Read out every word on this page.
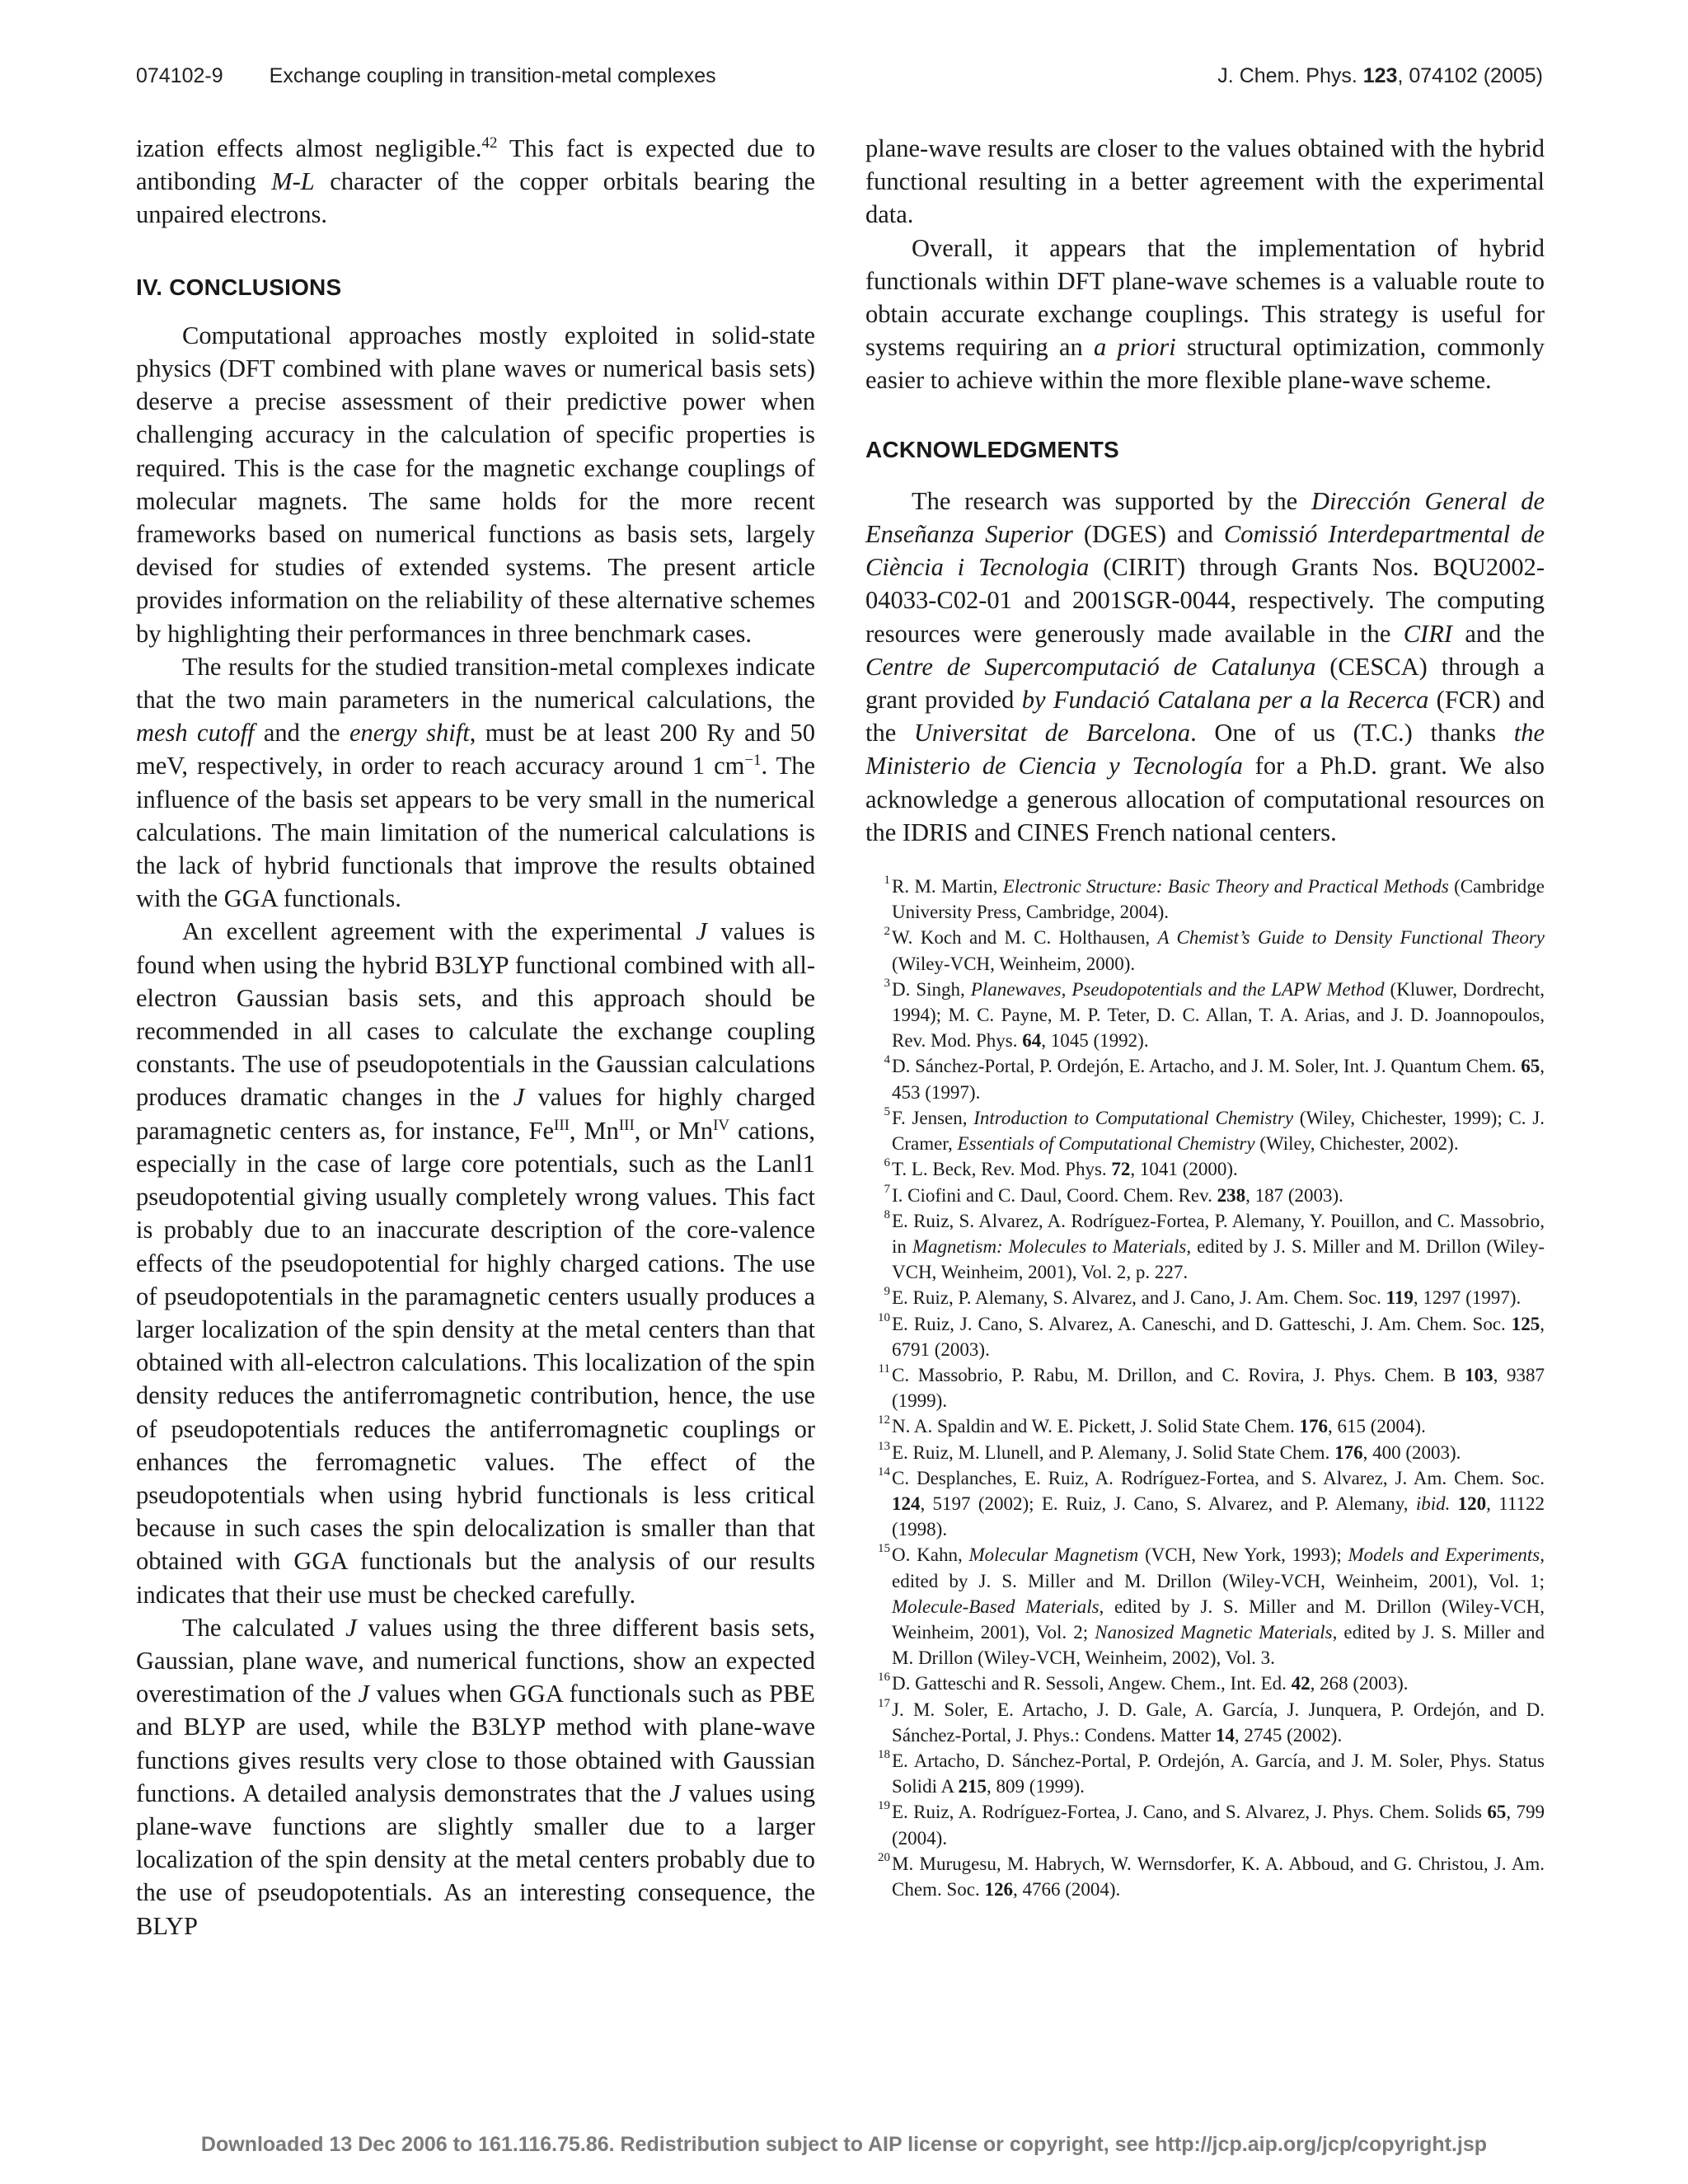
074102-9 Exchange coupling in transition-metal complexes	J. Chem. Phys. 123, 074102 (2005)

ization effects almost negligible.$^{42}$ This fact is expected due to antibonding M-L character of the copper orbitals bearing the unpaired electrons.

IV. CONCLUSIONS

Computational approaches mostly exploited in solid-state physics (DFT combined with plane waves or numerical basis sets) deserve a precise assessment of their predictive power when challenging accuracy in the calculation of specific properties is required. This is the case for the magnetic exchange couplings of molecular magnets. The same holds for the more recent frameworks based on numerical functions as basis sets, largely devised for studies of extended systems. The present article provides information on the reliability of these alternative schemes by highlighting their performances in three benchmark cases.

The results for the studied transition-metal complexes indicate that the two main parameters in the numerical calculations, the mesh cutoff and the energy shift, must be at least 200 Ry and 50 meV, respectively, in order to reach accuracy around 1 $cm^{-1}$. The influence of the basis set appears to be very small in the numerical calculations. The main limitation of the numerical calculations is the lack of hybrid functionals that improve the results obtained with the GGA functionals.

An excellent agreement with the experimental J values is found when using the hybrid B3LYP functional combined with all-electron Gaussian basis sets, and this approach should be recommended in all cases to calculate the exchange coupling constants. The use of pseudopotentials in the Gaussian calculations produces dramatic changes in the J values for highly charged paramagnetic centers as, for instance, $Fe^{III}$, $Mn^{III}$, or $Mn^{IV}$ cations, especially in the case of large core potentials, such as the Lanl1 pseudopotential giving usually completely wrong values. This fact is probably due to an inaccurate description of the core-valence effects of the pseudopotential for highly charged cations. The use of pseudopotentials in the paramagnetic centers usually produces a larger localization of the spin density at the metal centers than that obtained with all-electron calculations. This localization of the spin density reduces the antiferromagnetic contribution, hence, the use of pseudopotentials reduces the antiferromagnetic couplings or enhances the ferromagnetic values. The effect of the pseudopotentials when using hybrid functionals is less critical because in such cases the spin delocalization is smaller than that obtained with GGA functionals but the analysis of our results indicates that their use must be checked carefully.

The calculated J values using the three different basis sets, Gaussian, plane wave, and numerical functions, show an expected overestimation of the J values when GGA functionals such as PBE and BLYP are used, while the B3LYP method with plane-wave functions gives results very close to those obtained with Gaussian functions. A detailed analysis demonstrates that the J values using plane-wave functions are slightly smaller due to a larger localization of the spin density at the metal centers probably due to the use of pseudopotentials. As an interesting consequence, the BLYP

plane-wave results are closer to the values obtained with the hybrid functional resulting in a better agreement with the experimental data.

Overall, it appears that the implementation of hybrid functionals within DFT plane-wave schemes is a valuable route to obtain accurate exchange couplings. This strategy is useful for systems requiring an a priori structural optimization, commonly easier to achieve within the more flexible plane-wave scheme.

ACKNOWLEDGMENTS

The research was supported by the Dirección General de Enseñanza Superior (DGES) and Comissió Interdepartmental de Ciència i Tecnologia (CIRIT) through Grants Nos. BQU2002-04033-C02-01 and 2001SGR-0044, respectively. The computing resources were generously made available in the CIRI and the Centre de Supercomputació de Catalunya (CESCA) through a grant provided by Fundació Catalana per a la Recerca (FCR) and the Universitat de Barcelona. One of us (T.C.) thanks the Ministerio de Ciencia y Tecnología for a Ph.D. grant. We also acknowledge a generous allocation of computational resources on the IDRIS and CINES French national centers.

1 R. M. Martin, Electronic Structure: Basic Theory and Practical Methods (Cambridge University Press, Cambridge, 2004).
2 W. Koch and M. C. Holthausen, A Chemist’s Guide to Density Functional Theory (Wiley-VCH, Weinheim, 2000).
3 D. Singh, Planewaves, Pseudopotentials and the LAPW Method (Kluwer, Dordrecht, 1994); M. C. Payne, M. P. Teter, D. C. Allan, T. A. Arias, and J. D. Joannopoulos, Rev. Mod. Phys. 64, 1045 (1992).
4 D. Sánchez-Portal, P. Ordejón, E. Artacho, and J. M. Soler, Int. J. Quantum Chem. 65, 453 (1997).
5 F. Jensen, Introduction to Computational Chemistry (Wiley, Chichester, 1999); C. J. Cramer, Essentials of Computational Chemistry (Wiley, Chichester, 2002).
6 T. L. Beck, Rev. Mod. Phys. 72, 1041 (2000).
7 I. Ciofini and C. Daul, Coord. Chem. Rev. 238, 187 (2003).
8 E. Ruiz, S. Alvarez, A. Rodríguez-Fortea, P. Alemany, Y. Pouillon, and C. Massobrio, in Magnetism: Molecules to Materials, edited by J. S. Miller and M. Drillon (Wiley-VCH, Weinheim, 2001), Vol. 2, p. 227.
9 E. Ruiz, P. Alemany, S. Alvarez, and J. Cano, J. Am. Chem. Soc. 119, 1297 (1997).
10 E. Ruiz, J. Cano, S. Alvarez, A. Caneschi, and D. Gatteschi, J. Am. Chem. Soc. 125, 6791 (2003).
11 C. Massobrio, P. Rabu, M. Drillon, and C. Rovira, J. Phys. Chem. B 103, 9387 (1999).
12 N. A. Spaldin and W. E. Pickett, J. Solid State Chem. 176, 615 (2004).
13 E. Ruiz, M. Llunell, and P. Alemany, J. Solid State Chem. 176, 400 (2003).
14 C. Desplanches, E. Ruiz, A. Rodríguez-Fortea, and S. Alvarez, J. Am. Chem. Soc. 124, 5197 (2002); E. Ruiz, J. Cano, S. Alvarez, and P. Alemany, ibid. 120, 11122 (1998).
15 O. Kahn, Molecular Magnetism (VCH, New York, 1993); Models and Experiments, edited by J. S. Miller and M. Drillon (Wiley-VCH, Weinheim, 2001), Vol. 1; Molecule-Based Materials, edited by J. S. Miller and M. Drillon (Wiley-VCH, Weinheim, 2001), Vol. 2; Nanosized Magnetic Materials, edited by J. S. Miller and M. Drillon (Wiley-VCH, Weinheim, 2002), Vol. 3.
16 D. Gatteschi and R. Sessoli, Angew. Chem., Int. Ed. 42, 268 (2003).
17 J. M. Soler, E. Artacho, J. D. Gale, A. García, J. Junquera, P. Ordejón, and D. Sánchez-Portal, J. Phys.: Condens. Matter 14, 2745 (2002).
18 E. Artacho, D. Sánchez-Portal, P. Ordejón, A. García, and J. M. Soler, Phys. Status Solidi A 215, 809 (1999).
19 E. Ruiz, A. Rodríguez-Fortea, J. Cano, and S. Alvarez, J. Phys. Chem. Solids 65, 799 (2004).
20 M. Murugesu, M. Habrych, W. Wernsdorfer, K. A. Abboud, and G. Christou, J. Am. Chem. Soc. 126, 4766 (2004).
Downloaded 13 Dec 2006 to 161.116.75.86. Redistribution subject to AIP license or copyright, see http://jcp.aip.org/jcp/copyright.jsp
